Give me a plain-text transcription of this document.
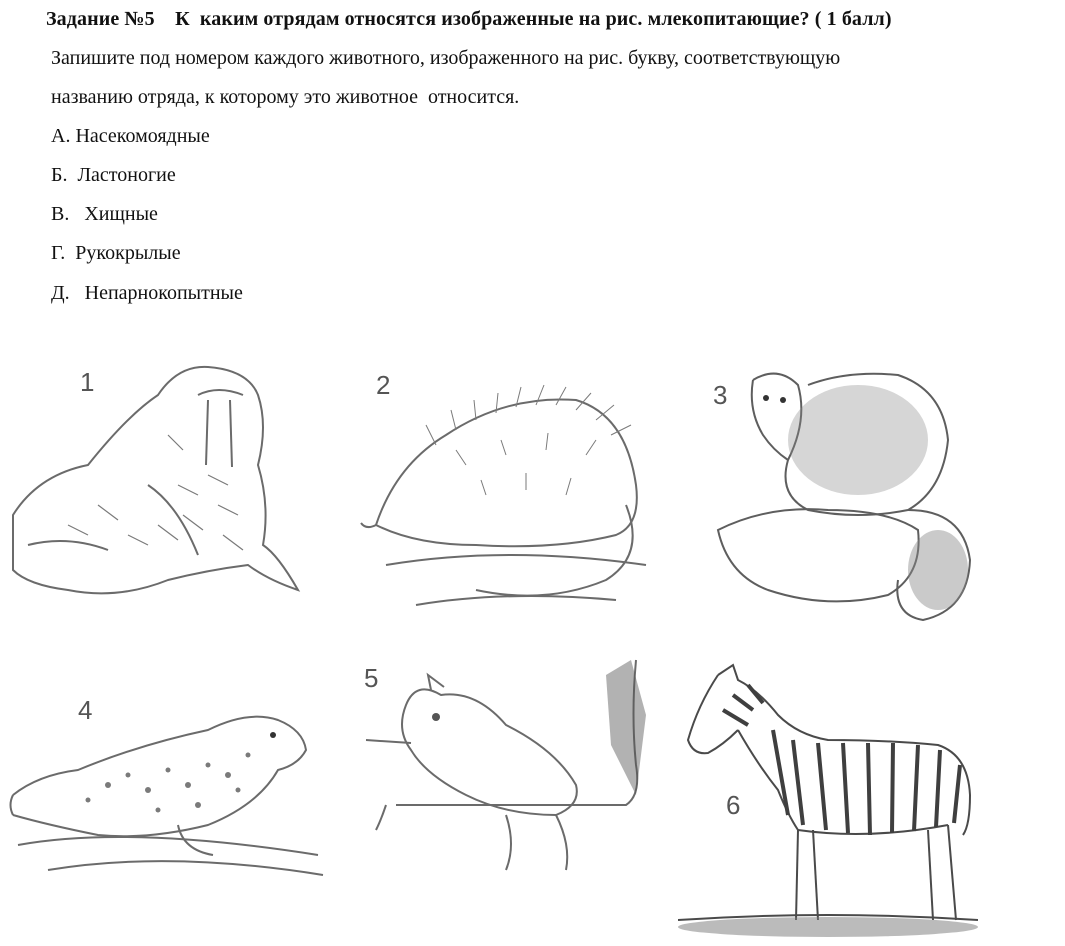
Задание №5    К  каким отрядам относятся изображенные на рис. млекопитающие? ( 1 балл)
Запишите под номером каждого животного, изображенного на рис. букву, соответствующую
названию отряда, к которому это животное  относится.
А. Насекомоядные
Б.  Ластоногие
В.   Хищные
Г.  Рукокрылые
Д.   Непарнокопытные
1	2	3
4
5
6
